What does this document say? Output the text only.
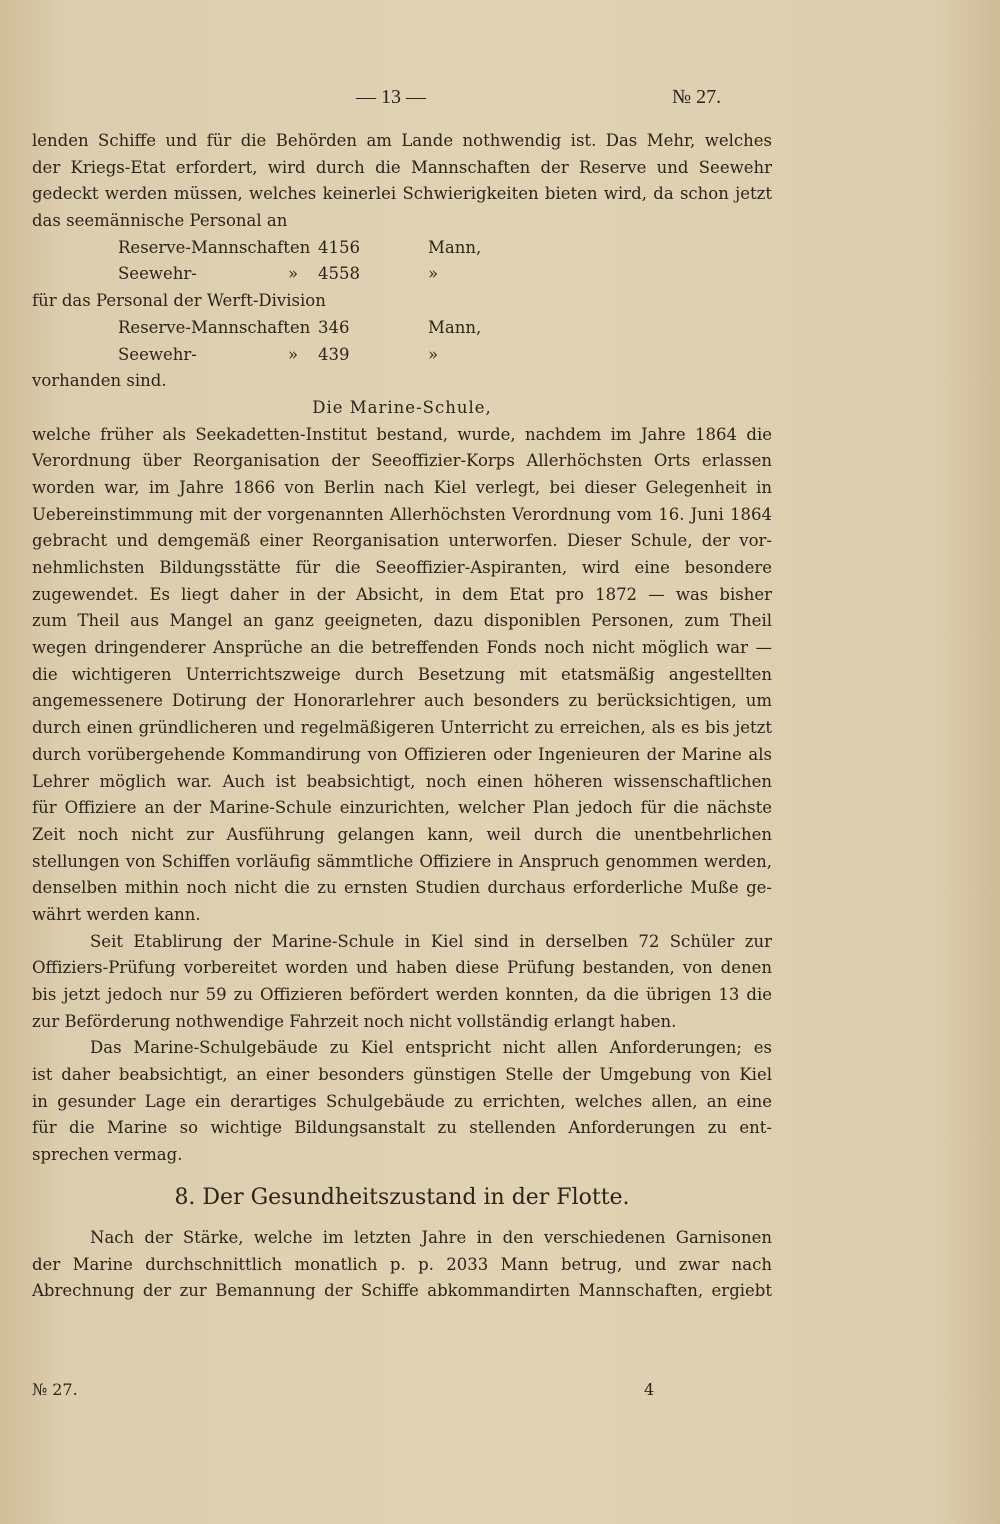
— 13 —	№ 27.
lenden Schiffe und für die Behörden am Lande nothwendig ist. Das Mehr, welches
der Kriegs-Etat erfordert, wird durch die Mannschaften der Reserve und Seewehr
gedeckt werden müssen, welches keinerlei Schwierigkeiten bieten wird, da schon jetzt
das seemännische Personal an
Reserve-Mannschaften 4156	Mann,
Seewehr-	»	4558	»
für das Personal der Werft-Division
Reserve-Mannschaften 346	Mann,
Seewehr-	»	439	»
vorhanden sind.
Die Marine-Schule,
welche früher als Seekadetten-Institut bestand, wurde, nachdem im Jahre 1864 die
Verordnung über Reorganisation der Seeoffizier-Korps Allerhöchsten Orts erlassen
worden war, im Jahre 1866 von Berlin nach Kiel verlegt, bei dieser Gelegenheit in
Uebereinstimmung mit der vorgenannten Allerhöchsten Verordnung vom 16. Juni 1864
gebracht und demgemäß einer Reorganisation unterworfen. Dieser Schule, der vor-
nehmlichsten Bildungsstätte für die Seeoffizier-Aspiranten, wird eine besondere
zugewendet. Es liegt daher in der Absicht, in dem Etat pro 1872 — was bisher
zum Theil aus Mangel an ganz geeigneten, dazu disponiblen Personen, zum Theil
wegen dringenderer Ansprüche an die betreffenden Fonds noch nicht möglich war —
die wichtigeren Unterrichtszweige durch Besetzung mit etatsmäßig angestellten
angemessenere Dotirung der Honorarlehrer auch besonders zu berücksichtigen, um
durch einen gründlicheren und regelmäßigeren Unterricht zu erreichen, als es bis jetzt
durch vorübergehende Kommandirung von Offizieren oder Ingenieuren der Marine als
Lehrer möglich war. Auch ist beabsichtigt, noch einen höheren wissenschaftlichen
für Offiziere an der Marine-Schule einzurichten, welcher Plan jedoch für die nächste
Zeit noch nicht zur Ausführung gelangen kann, weil durch die unentbehrlichen
stellungen von Schiffen vorläufig sämmtliche Offiziere in Anspruch genommen werden,
denselben mithin noch nicht die zu ernsten Studien durchaus erforderliche Muße ge-
währt werden kann.
Seit Etablirung der Marine-Schule in Kiel sind in derselben 72 Schüler zur
Offiziers-Prüfung vorbereitet worden und haben diese Prüfung bestanden, von denen
bis jetzt jedoch nur 59 zu Offizieren befördert werden konnten, da die übrigen 13 die
zur Beförderung nothwendige Fahrzeit noch nicht vollständig erlangt haben.
Das Marine-Schulgebäude zu Kiel entspricht nicht allen Anforderungen; es
ist daher beabsichtigt, an einer besonders günstigen Stelle der Umgebung von Kiel
in gesunder Lage ein derartiges Schulgebäude zu errichten, welches allen, an eine
für die Marine so wichtige Bildungsanstalt zu stellenden Anforderungen zu ent-
sprechen vermag.
8. Der Gesundheitszustand in der Flotte.
Nach der Stärke, welche im letzten Jahre in den verschiedenen Garnisonen
der Marine durchschnittlich monatlich p. p. 2033 Mann betrug, und zwar nach
Abrechnung der zur Bemannung der Schiffe abkommandirten Mannschaften, ergiebt
№ 27.	4
